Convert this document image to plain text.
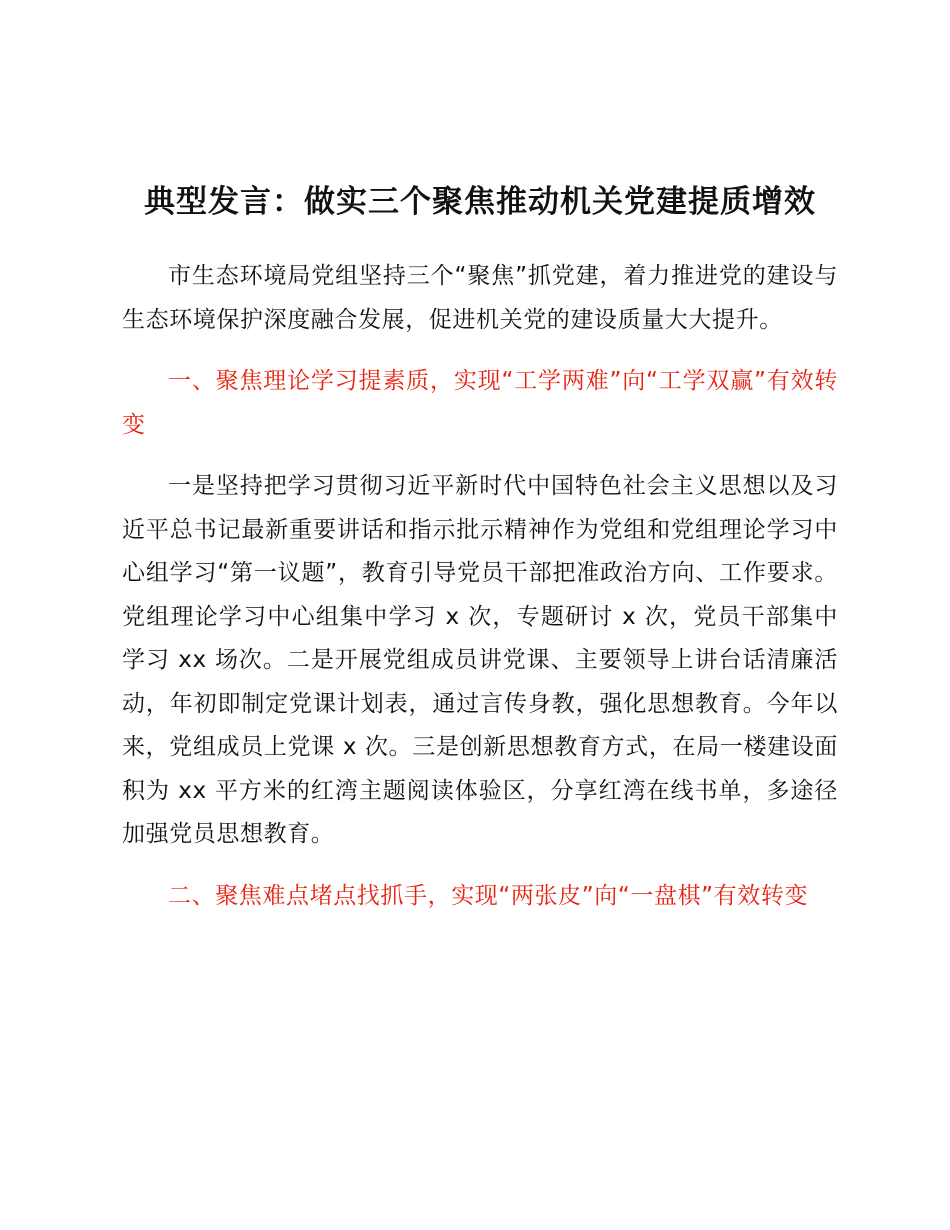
典型发言：做实三个聚焦推动机关党建提质增效

市生态环境局党组坚持三个“聚焦”抓党建，着力推进党的建设与生态环境保护深度融合发展，促进机关党的建设质量大大提升。

一、聚焦理论学习提素质，实现“工学两难”向“工学双赢”有效转变

一是坚持把学习贯彻习近平新时代中国特色社会主义思想以及习近平总书记最新重要讲话和指示批示精神作为党组和党组理论学习中心组学习“第一议题”，教育引导党员干部把准政治方向、工作要求。党组理论学习中心组集中学习 x 次，专题研讨 x 次，党员干部集中学习 xx 场次。二是开展党组成员讲党课、主要领导上讲台话清廉活动，年初即制定党课计划表，通过言传身教，强化思想教育。今年以来，党组成员上党课 x 次。三是创新思想教育方式，在局一楼建设面积为 xx 平方米的红湾主题阅读体验区，分享红湾在线书单，多途径加强党员思想教育。

二、聚焦难点堵点找抓手，实现“两张皮”向“一盘棋”有效转变
